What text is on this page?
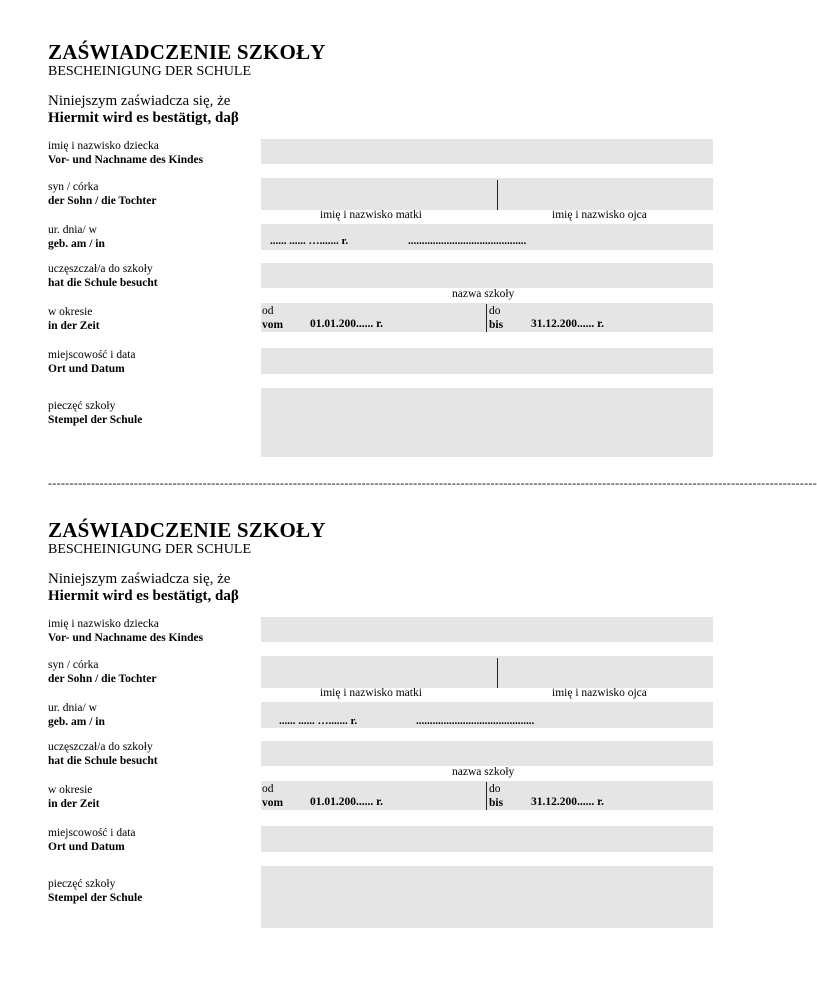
ZAŚWIADCZENIE SZKOŁY
BESCHEINIGUNG DER SCHULE
Niniejszym zaświadcza się, że
Hiermit wird es bestätigt, daβ
imię i nazwisko dziecka
Vor- und Nachname des Kindes
syn / córka
der Sohn / die Tochter
imię i nazwisko matki	imię i nazwisko ojca
ur. dnia/ w
geb. am / in	...... ...... …....... r.	...........................................
uczęszczał/a do szkoły
hat die Schule besucht
nazwa szkoły
w okresie
in der Zeit
od
vom 01.01.200...... r.
do
bis 31.12.200...... r.
miejscowość i data
Ort und Datum
pieczęć szkoły
Stempel der Schule
-----------------------------------------------------------------------------------------------------------------------------------------------------------------------------------
ZAŚWIADCZENIE SZKOŁY
BESCHEINIGUNG DER SCHULE
Niniejszym zaświadcza się, że
Hiermit wird es bestätigt, daβ
imię i nazwisko dziecka
Vor- und Nachname des Kindes
syn / córka
der Sohn / die Tochter
imię i nazwisko matki	imię i nazwisko ojca
ur. dnia/ w
geb. am / in	...... ...... …....... r.	...........................................
uczęszczał/a do szkoły
hat die Schule besucht
nazwa szkoły
w okresie
in der Zeit
od
vom 01.01.200...... r.
do
bis 31.12.200...... r.
miejscowość i data
Ort und Datum
pieczęć szkoły
Stempel der Schule
